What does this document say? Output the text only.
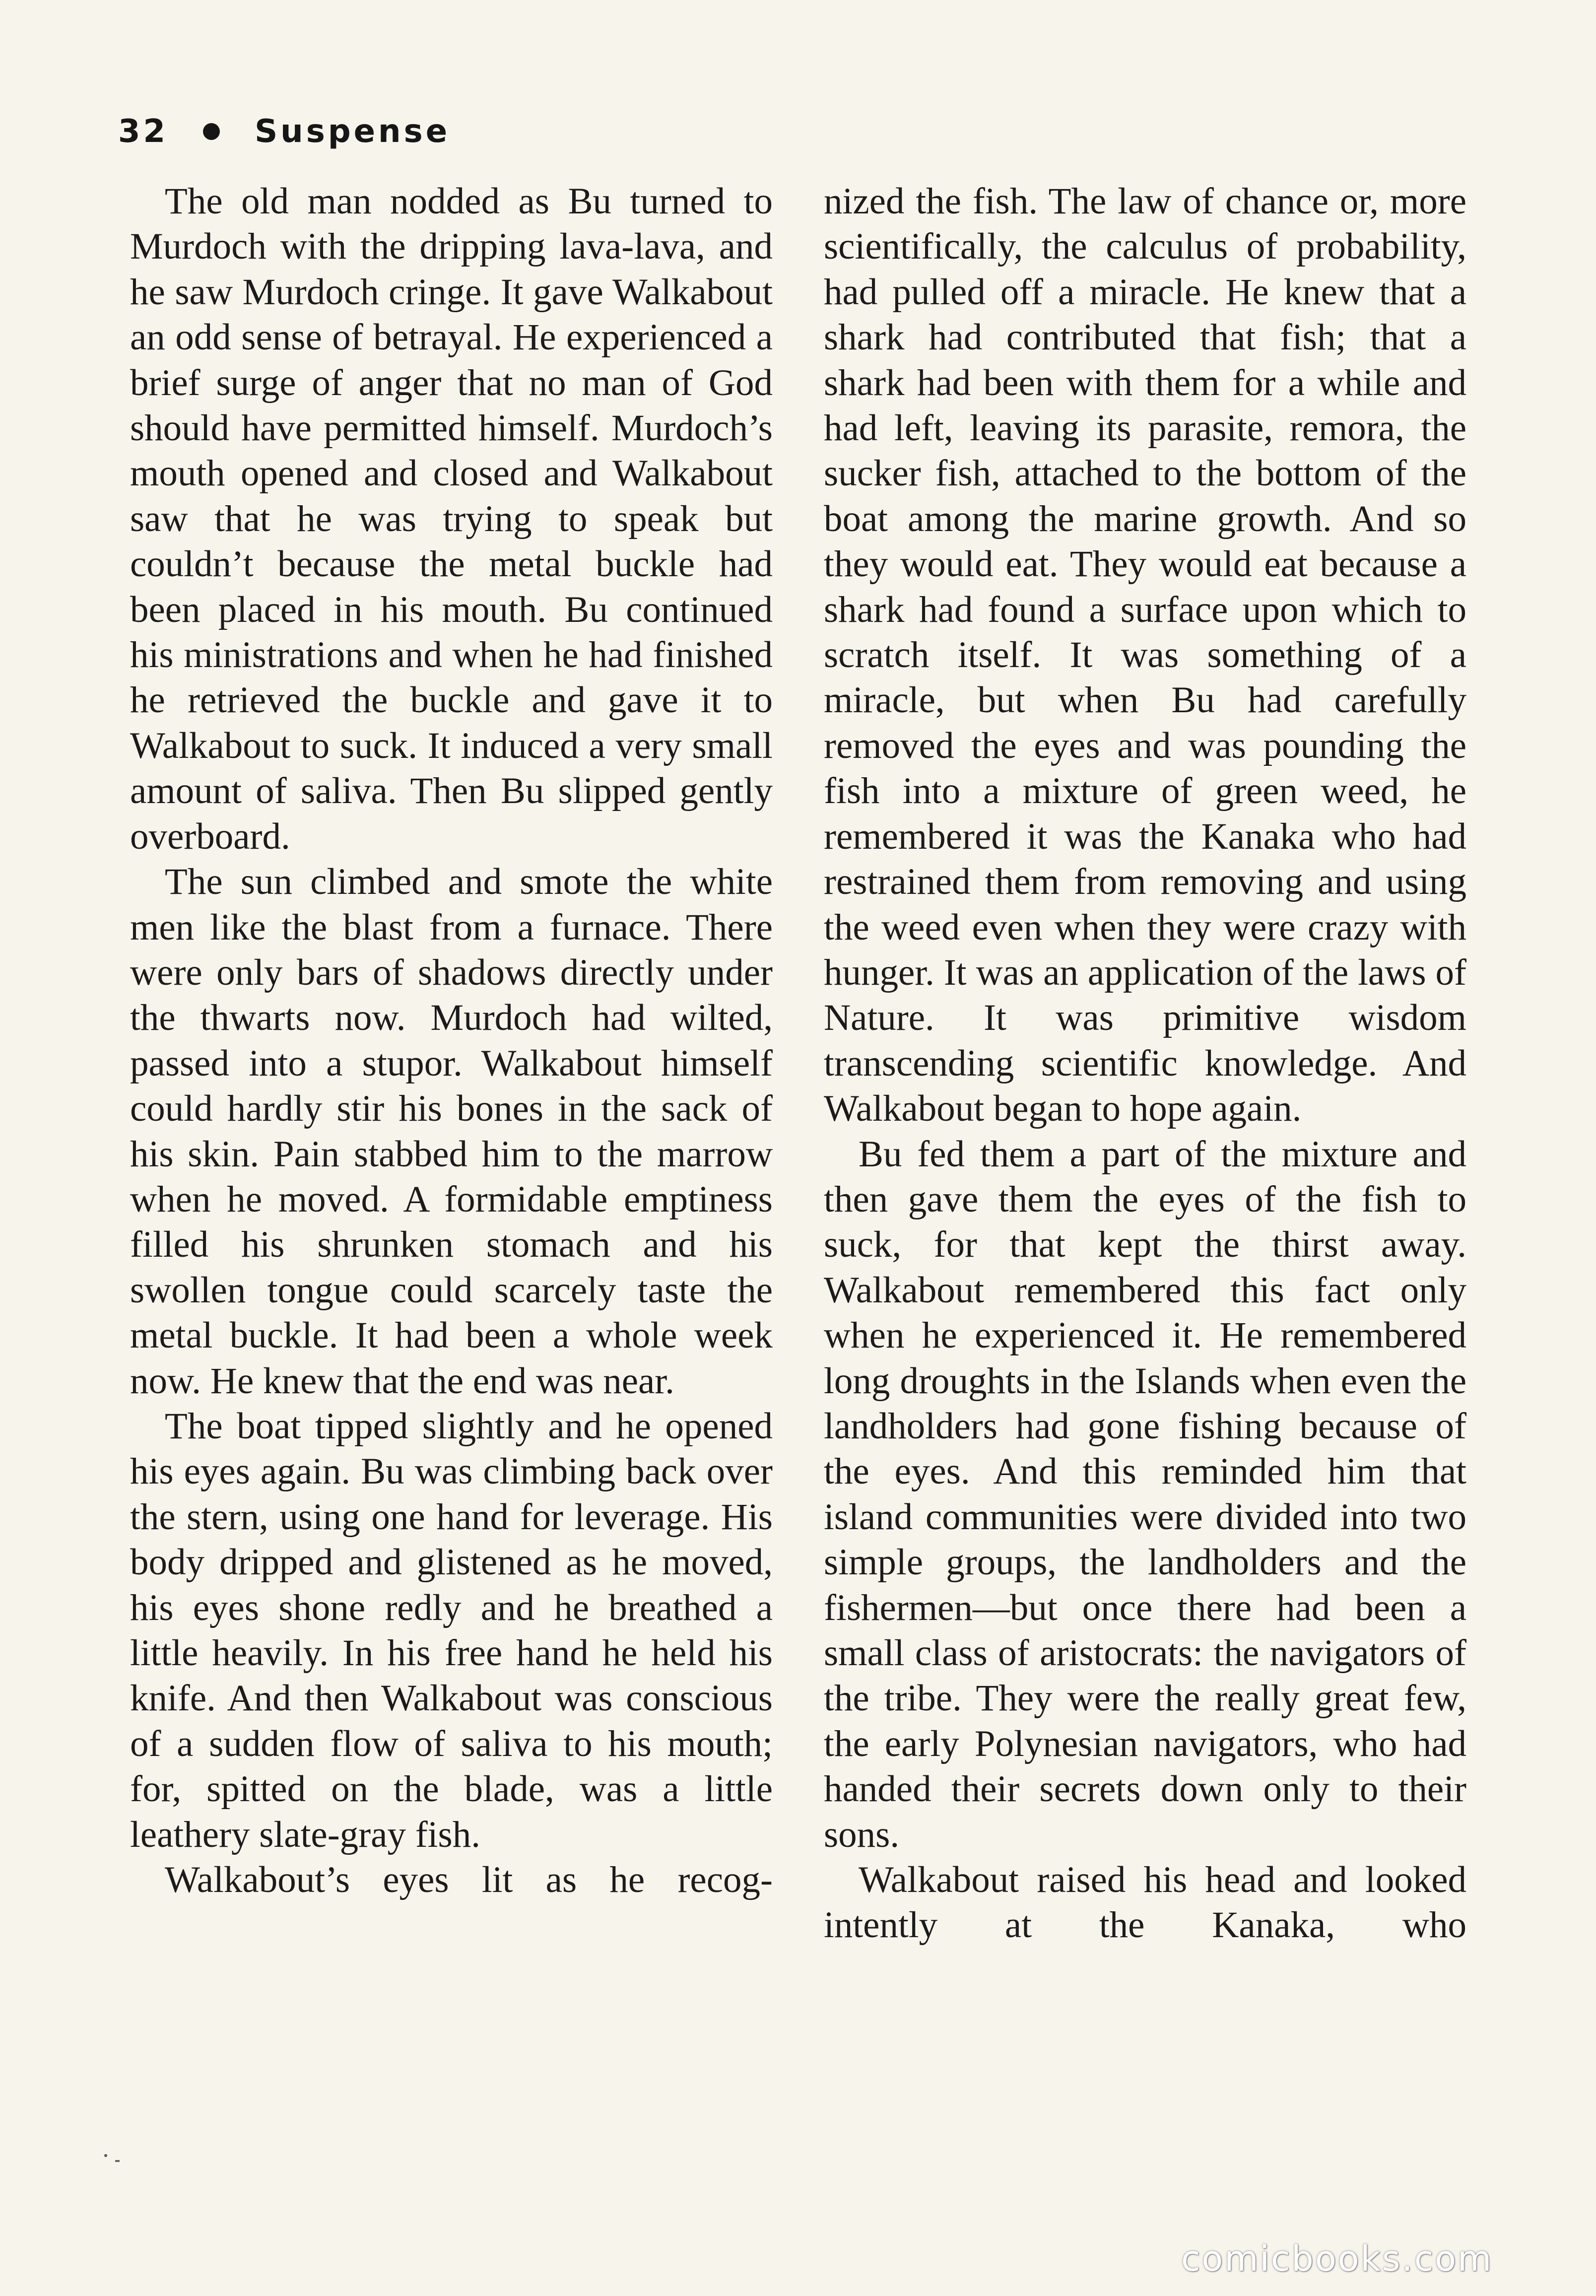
32	Suspense

The old man nodded as Bu turned to Murdoch with the dripping lava-lava, and he saw Murdoch cringe. It gave Walkabout an odd sense of betrayal. He experienced a brief surge of anger that no man of God should have permitted himself. Murdoch’s mouth opened and closed and Walkabout saw that he was trying to speak but couldn’t because the metal buckle had been placed in his mouth. Bu continued his ministrations and when he had finished he retrieved the buckle and gave it to Walkabout to suck. It induced a very small amount of saliva. Then Bu slipped gently overboard.

The sun climbed and smote the white men like the blast from a furnace. There were only bars of shadows directly under the thwarts now. Murdoch had wilted, passed into a stupor. Walkabout himself could hardly stir his bones in the sack of his skin. Pain stabbed him to the marrow when he moved. A formidable emptiness filled his shrunken stomach and his swollen tongue could scarcely taste the metal buckle. It had been a whole week now. He knew that the end was near.

The boat tipped slightly and he opened his eyes again. Bu was climbing back over the stern, using one hand for leverage. His body dripped and glistened as he moved, his eyes shone redly and he breathed a little heavily. In his free hand he held his knife. And then Walkabout was conscious of a sudden flow of saliva to his mouth; for, spitted on the blade, was a little leathery slate-gray fish.

Walkabout’s eyes lit as he recog-

nized the fish. The law of chance or, more scientifically, the calculus of probability, had pulled off a miracle. He knew that a shark had contributed that fish; that a shark had been with them for a while and had left, leaving its parasite, remora, the sucker fish, attached to the bottom of the boat among the marine growth. And so they would eat. They would eat because a shark had found a surface upon which to scratch itself. It was something of a miracle, but when Bu had carefully removed the eyes and was pounding the fish into a mixture of green weed, he remembered it was the Kanaka who had restrained them from removing and using the weed even when they were crazy with hunger. It was an application of the laws of Nature. It was primitive wisdom transcending scientific knowledge. And Walkabout began to hope again.

Bu fed them a part of the mixture and then gave them the eyes of the fish to suck, for that kept the thirst away. Walkabout remembered this fact only when he experienced it. He remembered long droughts in the Islands when even the landholders had gone fishing because of the eyes. And this reminded him that island communities were divided into two simple groups, the landholders and the fishermen—but once there had been a small class of aristocrats: the navigators of the tribe. They were the really great few, the early Polynesian navigators, who had handed their secrets down only to their sons.

Walkabout raised his head and looked intently at the Kanaka, who

comicbooks.com
